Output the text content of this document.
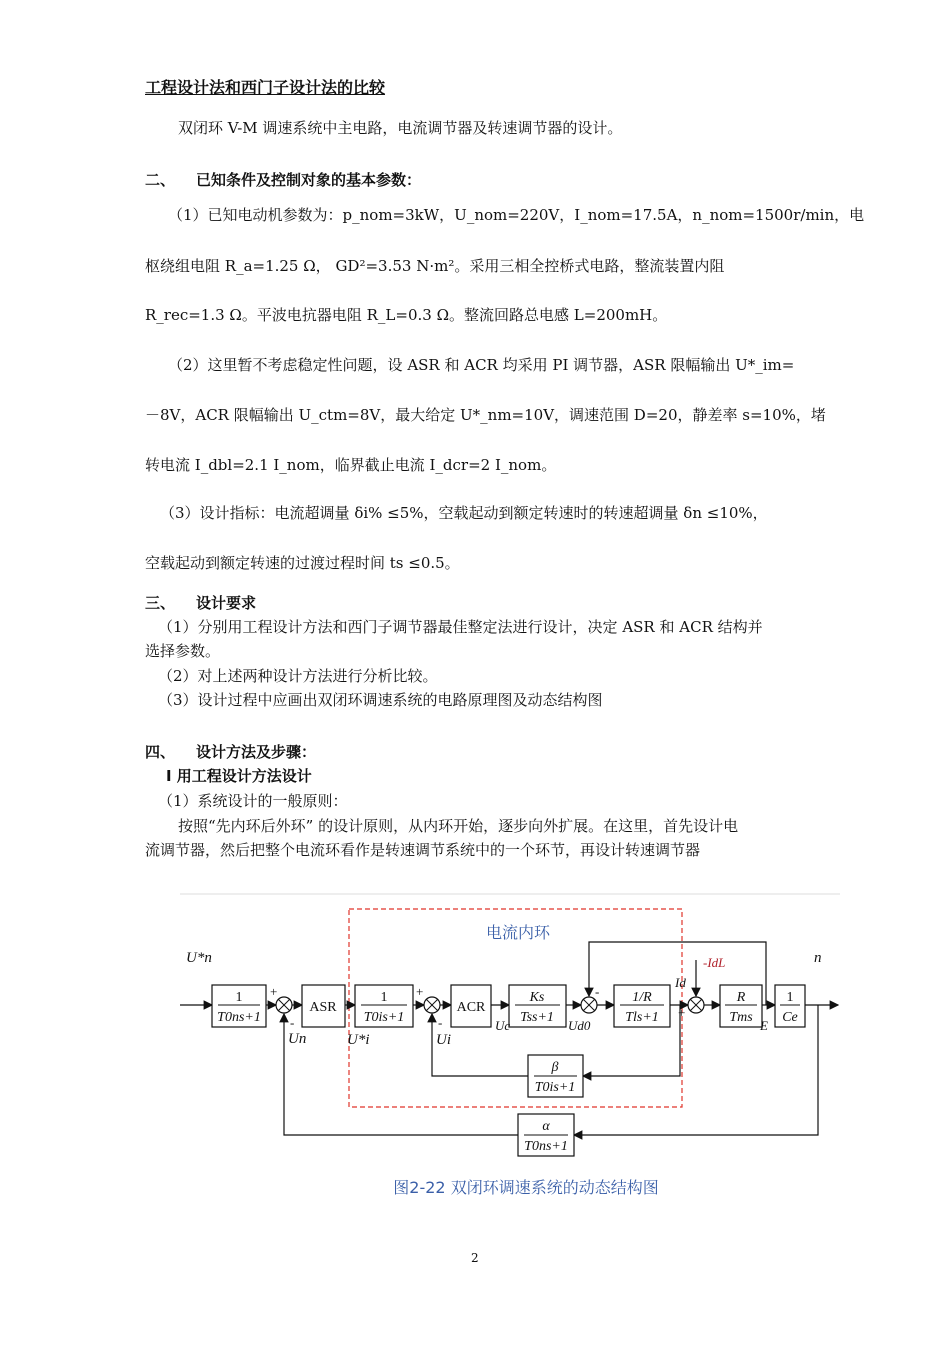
工程设计法和西门子设计法的比较
双闭环 V-M 调速系统中主电路，电流调节器及转速调节器的设计。
二、 已知条件及控制对象的基本参数：
（1）已知电动机参数为：p_nom=3kW，U_nom=220V，I_nom=17.5A，n_nom=1500r/min，电
枢绕组电阻 R_a=1.25 Ω， GD²=3.53 N·m²。采用三相全控桥式电路，整流装置内阻
R_rec=1.3 Ω。平波电抗器电阻 R_L=0.3 Ω。整流回路总电感 L=200mH。
（2）这里暂不考虑稳定性问题，设 ASR 和 ACR 均采用 PI 调节器，ASR 限幅输出 U*_im=
－8V，ACR 限幅输出 U_ctm=8V，最大给定 U*_nm=10V，调速范围 D=20，静差率 s=10%，堵
转电流 I_dbl=2.1 I_nom，临界截止电流 I_dcr=2 I_nom。
（3）设计指标：电流超调量 δi% ≤5%，空载起动到额定转速时的转速超调量 δn ≤10%，
空载起动到额定转速的过渡过程时间 ts ≤0.5。
三、 设计要求
（1）分别用工程设计方法和西门子调节器最佳整定法进行设计，决定 ASR 和 ACR 结构并
选择参数。
（2）对上述两种设计方法进行分析比较。
（3）设计过程中应画出双闭环调速系统的电路原理图及动态结构图
四、 设计方法及步骤：
Ⅰ 用工程设计方法设计
（1）系统设计的一般原则：
按照“先内环后外环” 的设计原则，从内环开始，逐步向外扩展。在这里，首先设计电
流调节器，然后把整个电流环看作是转速调节系统中的一个环节，再设计转速调节器
电流内环
1
T0ns+1
ASR
1
T0is+1
ACR
Ks
Tss+1
1/R
Tls+1
R
Tms
1
Ce
β
T0is+1
α
T0ns+1
U*n
Un	U*i	Ui
Uc	Ud0
Id
-IdL
E
n
+
-
+
-
-
+
图2-22 双闭环调速系统的动态结构图
2
